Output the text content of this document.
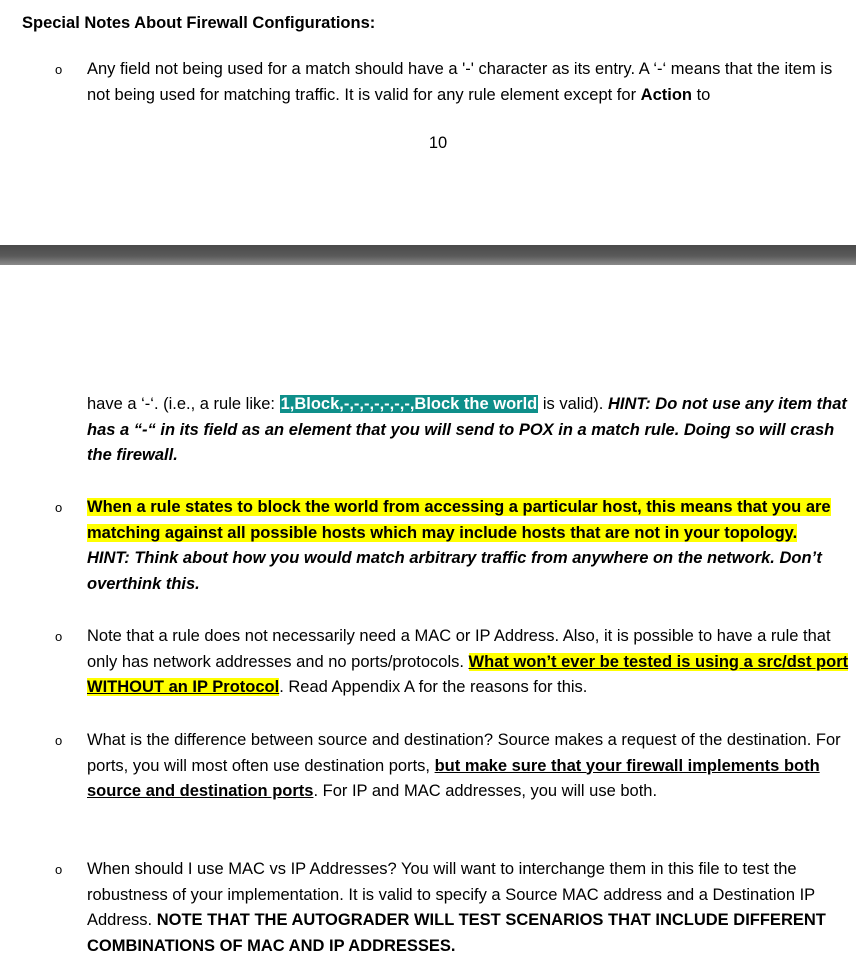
Special Notes About Firewall Configurations:
o Any field not being used for a match should have a '-' character as its entry. A ‘-‘ means that the item is not being used for matching traffic. It is valid for any rule element except for Action to

10

have a ‘-‘. (i.e., a rule like: 1,Block,-,-,-,-,-,-,-,Block the world is valid). HINT: Do not use any item that has a “-“ in its field as an element that you will send to POX in a match rule. Doing so will crash the firewall.

o When a rule states to block the world from accessing a particular host, this means that you are matching against all possible hosts which may include hosts that are not in your topology.
HINT: Think about how you would match arbitrary traffic from anywhere on the network. Don’t overthink this.

o Note that a rule does not necessarily need a MAC or IP Address. Also, it is possible to have a rule that only has network addresses and no ports/protocols. What won’t ever be tested is using a src/dst port WITHOUT an IP Protocol. Read Appendix A for the reasons for this.

o What is the difference between source and destination? Source makes a request of the destination. For ports, you will most often use destination ports, but make sure that your firewall implements both source and destination ports. For IP and MAC addresses, you will use both.

o When should I use MAC vs IP Addresses? You will want to interchange them in this file to test the robustness of your implementation. It is valid to specify a Source MAC address and a Destination IP Address. NOTE THAT THE AUTOGRADER WILL TEST SCENARIOS THAT INCLUDE DIFFERENT COMBINATIONS OF MAC AND IP ADDRESSES.
